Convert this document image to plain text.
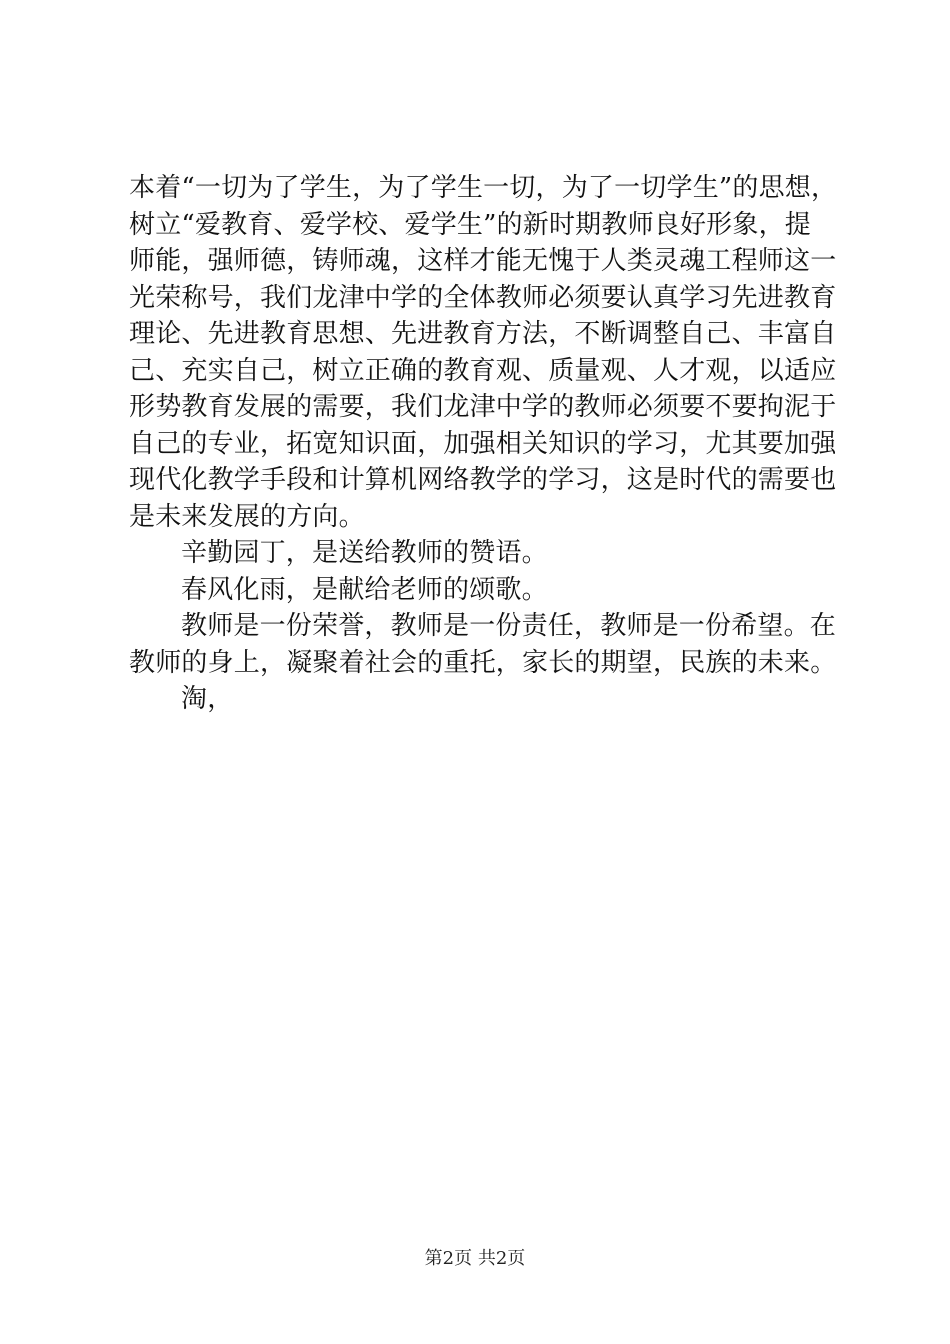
本着“一切为了学生，为了学生一切，为了一切学生”的思想，
树立“爱教育、爱学校、爱学生”的新时期教师良好形象，提
师能，强师德，铸师魂，这样才能无愧于人类灵魂工程师这一
光荣称号，我们龙津中学的全体教师必须要认真学习先进教育
理论、先进教育思想、先进教育方法，不断调整自己、丰富自
己、充实自己，树立正确的教育观、质量观、人才观，以适应
形势教育发展的需要，我们龙津中学的教师必须要不要拘泥于
自己的专业，拓宽知识面，加强相关知识的学习，尤其要加强
现代化教学手段和计算机网络教学的学习，这是时代的需要也
是未来发展的方向。
辛勤园丁，是送给教师的赞语。
春风化雨，是献给老师的颂歌。
教师是一份荣誉，教师是一份责任，教师是一份希望。在
教师的身上，凝聚着社会的重托，家长的期望，民族的未来。
淘，
第2页 共2页
